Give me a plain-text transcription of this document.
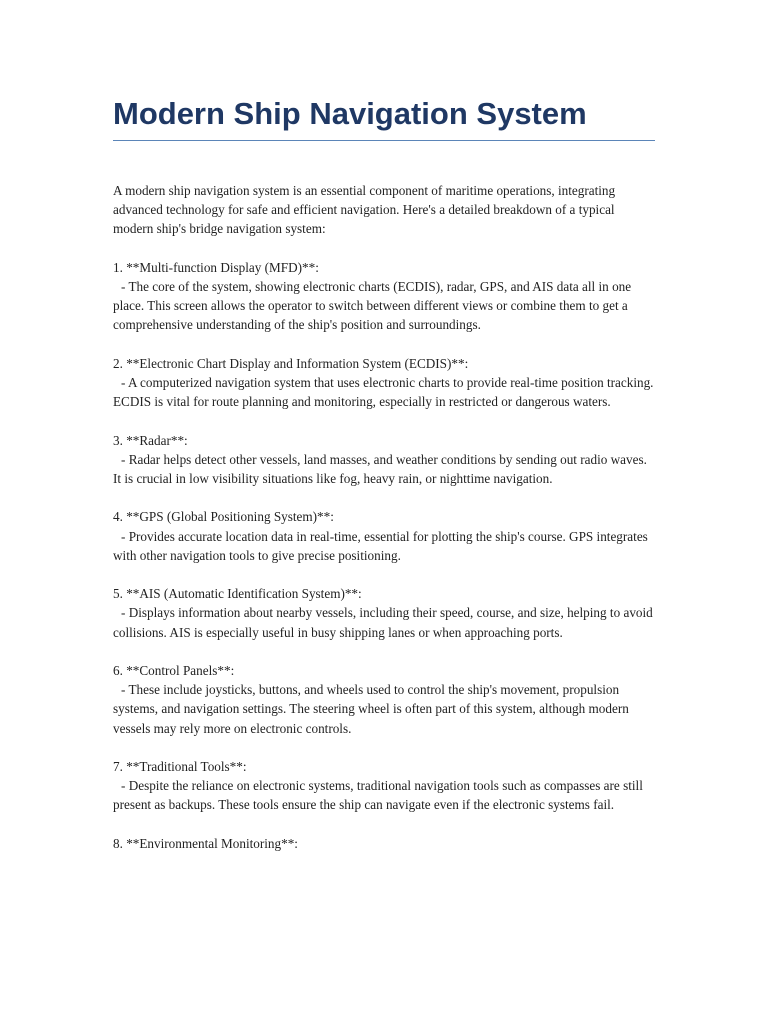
Modern Ship Navigation System

A modern ship navigation system is an essential component of maritime operations, integrating advanced technology for safe and efficient navigation. Here's a detailed breakdown of a typical modern ship's bridge navigation system:

1. **Multi-function Display (MFD)**:
- The core of the system, showing electronic charts (ECDIS), radar, GPS, and AIS data all in one place. This screen allows the operator to switch between different views or combine them to get a comprehensive understanding of the ship's position and surroundings.
2. **Electronic Chart Display and Information System (ECDIS)**:
- A computerized navigation system that uses electronic charts to provide real-time position tracking. ECDIS is vital for route planning and monitoring, especially in restricted or dangerous waters.
3. **Radar**:
- Radar helps detect other vessels, land masses, and weather conditions by sending out radio waves. It is crucial in low visibility situations like fog, heavy rain, or nighttime navigation.
4. **GPS (Global Positioning System)**:
- Provides accurate location data in real-time, essential for plotting the ship's course. GPS integrates with other navigation tools to give precise positioning.
5. **AIS (Automatic Identification System)**:
- Displays information about nearby vessels, including their speed, course, and size, helping to avoid collisions. AIS is especially useful in busy shipping lanes or when approaching ports.
6. **Control Panels**:
- These include joysticks, buttons, and wheels used to control the ship's movement, propulsion systems, and navigation settings. The steering wheel is often part of this system, although modern vessels may rely more on electronic controls.
7. **Traditional Tools**:
- Despite the reliance on electronic systems, traditional navigation tools such as compasses are still present as backups. These tools ensure the ship can navigate even if the electronic systems fail.
8. **Environmental Monitoring**:
